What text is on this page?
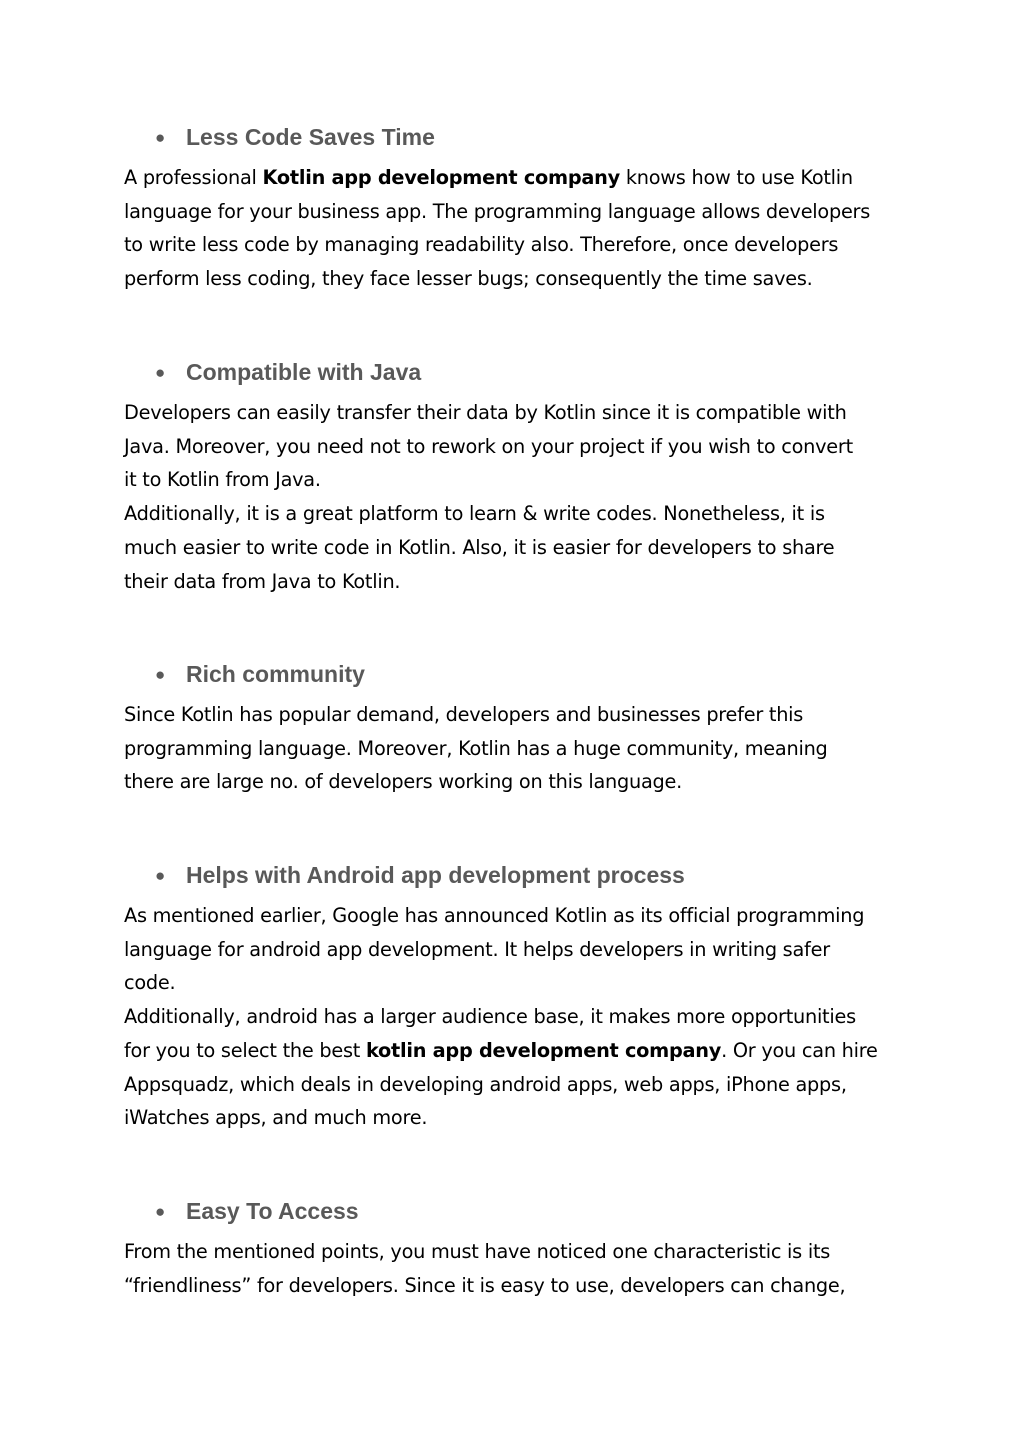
● Less Code Saves Time
A professional Kotlin app development company knows how to use Kotlin
language for your business app. The programming language allows developers
to write less code by managing readability also. Therefore, once developers
perform less coding, they face lesser bugs; consequently the time saves.
● Compatible with Java
Developers can easily transfer their data by Kotlin since it is compatible with
Java. Moreover, you need not to rework on your project if you wish to convert
it to Kotlin from Java.
Additionally, it is a great platform to learn & write codes. Nonetheless, it is
much easier to write code in Kotlin. Also, it is easier for developers to share
their data from Java to Kotlin.
● Rich community
Since Kotlin has popular demand, developers and businesses prefer this
programming language. Moreover, Kotlin has a huge community, meaning
there are large no. of developers working on this language.
● Helps with Android app development process
As mentioned earlier, Google has announced Kotlin as its official programming
language for android app development. It helps developers in writing safer
code.
Additionally, android has a larger audience base, it makes more opportunities
for you to select the best kotlin app development company. Or you can hire
Appsquadz, which deals in developing android apps, web apps, iPhone apps,
iWatches apps, and much more.
● Easy To Access
From the mentioned points, you must have noticed one characteristic is its
“friendliness” for developers. Since it is easy to use, developers can change,
